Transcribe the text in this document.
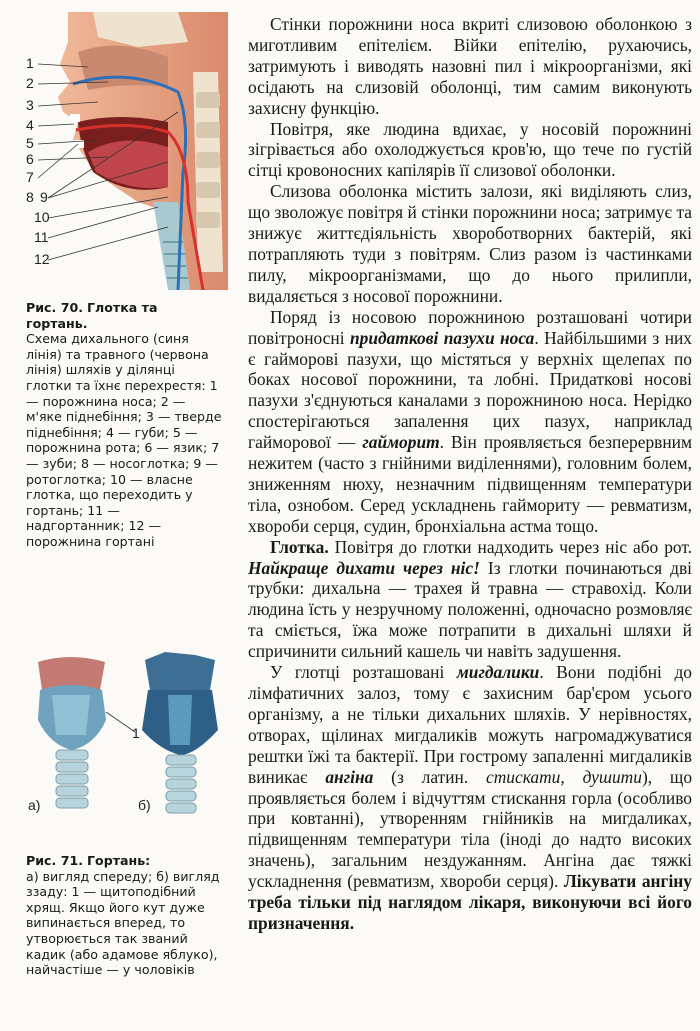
1
2
3
4
5
6
7
8 9
10
11
12
Рис. 70. Глотка та гортань.
Схема дихального (синя лінія) та травного (червона лінія) шляхів у ділянці глотки та їхнє перехрестя: 1 — порожнина носа; 2 — м'яке піднебіння; 3 — тверде піднебіння; 4 — губи; 5 — порожнина рота; 6 — язик; 7 — зуби; 8 — носоглотка; 9 — ротоглотка; 10 — власне глотка, що переходить у гортань; 11 — надгортанник; 12 — порожнина гортані
1
а)	б)
Рис. 71. Гортань:
а) вигляд спереду; б) вигляд ззаду: 1 — щитоподібний хрящ. Якщо його кут дуже випинається вперед, то утворюється так званий кадик (або адамове яблуко), найчастіше — у чоловіків

Стінки порожнини носа вкриті слизовою оболонкою з миготливим епітелієм. Війки епітелію, рухаючись, затримують і виводять назовні пил і мікроорганізми, які осідають на слизовій оболонці, тим самим виконують захисну функцію.

Повітря, яке людина вдихає, у носовій порожнині зігрівається або охолоджується кров'ю, що тече по густій сітці кровоносних капілярів її слизової оболонки.

Слизова оболонка містить залози, які виділяють слиз, що зволожує повітря й стінки порожнини носа; затримує та знижує життєдіяльність хвороботворних бактерій, які потрапляють туди з повітрям. Слиз разом із частинками пилу, мікроорганізмами, що до нього прилипли, видаляється з носової порожнини.

Поряд із носовою порожниною розташовані чотири повітроносні придаткові пазухи носа. Найбільшими з них є гайморові пазухи, що містяться у верхніх щелепах по боках носової порожнини, та лобні. Придаткові носові пазухи з'єднуються каналами з порожниною носа. Нерідко спостерігаються запалення цих пазух, наприклад гайморової — гайморит. Він проявляється безперервним нежитем (часто з гнійними виділеннями), головним болем, зниженням нюху, незначним підвищенням температури тіла, ознобом. Серед ускладнень гаймориту — ревматизм, хвороби серця, судин, бронхіальна астма тощо.

Глотка. Повітря до глотки надходить через ніс або рот. Найкраще дихати через ніс! Із глотки починаються дві трубки: дихальна — трахея й травна — стравохід. Коли людина їсть у незручному положенні, одночасно розмовляє та сміється, їжа може потрапити в дихальні шляхи й спричинити сильний кашель чи навіть задушення.

У глотці розташовані мигдалики. Вони подібні до лімфатичних залоз, тому є захисним бар'єром усього організму, а не тільки дихальних шляхів. У нерівностях, отворах, щілинах мигдаликів можуть нагромаджуватися рештки їжі та бактерії. При гострому запаленні мигдаликів виникає ангіна (з латин. стискати, душити), що проявляється болем і відчуттям стискання горла (особливо при ковтанні), утворенням гнійників на мигдаликах, підвищенням температури тіла (іноді до надто високих значень), загальним нездужанням. Ангіна дає тяжкі ускладнення (ревматизм, хвороби серця). Лікувати ангіну треба тільки під наглядом лікаря, виконуючи всі його призначення.
